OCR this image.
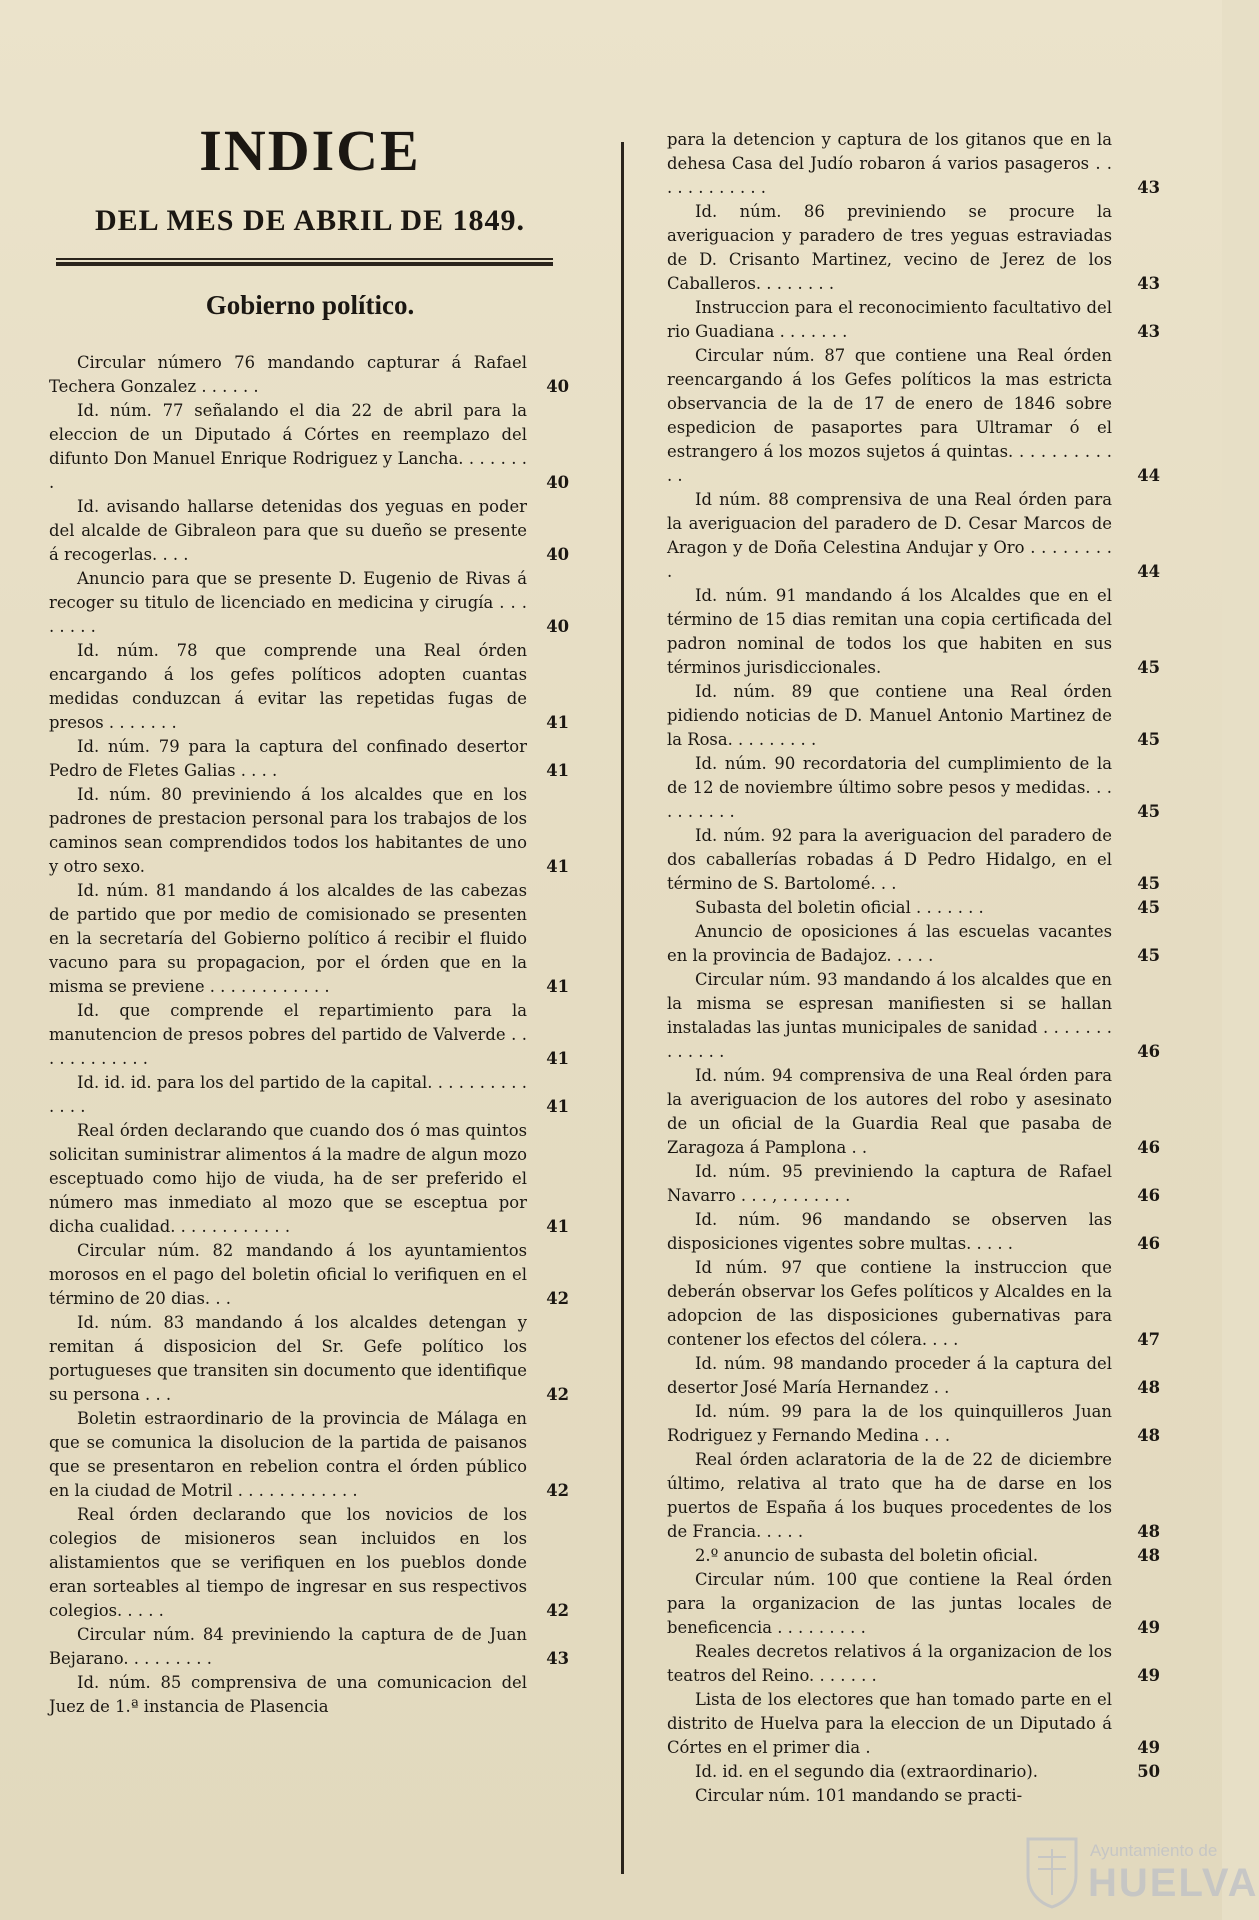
INDICE
DEL MES DE ABRIL DE 1849.
Gobierno político.
Circular número 76 mandando capturar á Rafael Techera Gonzalez . . . . . .	40
Id. núm. 77 señalando el dia 22 de abril para la eleccion de un Diputado á Córtes en reemplazo del difunto Don Manuel Enrique Rodriguez y Lancha. . . . . . . .	40
Id. avisando hallarse detenidas dos yeguas en poder del alcalde de Gibraleon para que su dueño se presente á recogerlas. . . .	40
Anuncio para que se presente D. Eugenio de Rivas á recoger su titulo de licenciado en medicina y cirugía . . . . . . . .	40
Id. núm. 78 que comprende una Real órden encargando á los gefes políticos adopten cuantas medidas conduzcan á evitar las repetidas fugas de presos . . . . . . .	41
Id. núm. 79 para la captura del confinado desertor Pedro de Fletes Galias . . . .	41
Id. núm. 80 previniendo á los alcaldes que en los padrones de prestacion personal para los trabajos de los caminos sean comprendidos todos los habitantes de uno y otro sexo.	41
Id. núm. 81 mandando á los alcaldes de las cabezas de partido que por medio de comisionado se presenten en la secretaría del Gobierno político á recibir el fluido vacuno para su propagacion, por el órden que en la misma se previene . . . . . . . . . . . .	41
Id. que comprende el repartimiento para la manutencion de presos pobres del partido de Valverde . . . . . . . . . . . .	41
Id. id. id. para los del partido de la capital. . . . . . . . . . . . . .	41
Real órden declarando que cuando dos ó mas quintos solicitan suministrar alimentos á la madre de algun mozo esceptuado como hijo de viuda, ha de ser preferido el número mas inmediato al mozo que se esceptua por dicha cualidad. . . . . . . . . . . .	41
Circular núm. 82 mandando á los ayuntamientos morosos en el pago del boletin oficial lo verifiquen en el término de 20 dias. . .	42
Id. núm. 83 mandando á los alcaldes detengan y remitan á disposicion del Sr. Gefe político los portugueses que transiten sin documento que identifique su persona . . .	42
Boletin estraordinario de la provincia de Málaga en que se comunica la disolucion de la partida de paisanos que se presentaron en rebelion contra el órden público en la ciudad de Motril . . . . . . . . . . . .	42
Real órden declarando que los novicios de los colegios de misioneros sean incluidos en los alistamientos que se verifiquen en los pueblos donde eran sorteables al tiempo de ingresar en sus respectivos colegios. . . . .	42
Circular núm. 84 previniendo la captura de de Juan Bejarano. . . . . . . . .	43
Id. núm. 85 comprensiva de una comunicacion del Juez de 1.ª instancia de Plasencia
para la detencion y captura de los gitanos que en la dehesa Casa del Judío robaron á varios pasageros . . . . . . . . . . . .	43
Id. núm. 86 previniendo se procure la averiguacion y paradero de tres yeguas estraviadas de D. Crisanto Martinez, vecino de Jerez de los Caballeros. . . . . . . .	43
Instruccion para el reconocimiento facultativo del rio Guadiana . . . . . . .	43
Circular núm. 87 que contiene una Real órden reencargando á los Gefes políticos la mas estricta observancia de la de 17 de enero de 1846 sobre espedicion de pasaportes para Ultramar ó el estrangero á los mozos sujetos á quintas. . . . . . . . . . . .	44
Id núm. 88 comprensiva de una Real órden para la averiguacion del paradero de D. Cesar Marcos de Aragon y de Doña Celestina Andujar y Oro . . . . . . . . .	44
Id. núm. 91 mandando á los Alcaldes que en el término de 15 dias remitan una copia certificada del padron nominal de todos los que habiten en sus términos jurisdiccionales.	45
Id. núm. 89 que contiene una Real órden pidiendo noticias de D. Manuel Antonio Martinez de la Rosa. . . . . . . . .	45
Id. núm. 90 recordatoria del cumplimiento de la de 12 de noviembre último sobre pesos y medidas. . . . . . . . . .	45
Id. núm. 92 para la averiguacion del paradero de dos caballerías robadas á D Pedro Hidalgo, en el término de S. Bartolomé. . .	45
Subasta del boletin oficial . . . . . . .	45
Anuncio de oposiciones á las escuelas vacantes en la provincia de Badajoz. . . . .	45
Circular núm. 93 mandando á los alcaldes que en la misma se espresan manifiesten si se hallan instaladas las juntas municipales de sanidad . . . . . . . . . . . . .	46
Id. núm. 94 comprensiva de una Real órden para la averiguacion de los autores del robo y asesinato de un oficial de la Guardia Real que pasaba de Zaragoza á Pamplona . .	46
Id. núm. 95 previniendo la captura de Rafael Navarro . . . , . . . . . . .	46
Id. núm. 96 mandando se observen las disposiciones vigentes sobre multas. . . . .	46
Id núm. 97 que contiene la instruccion que deberán observar los Gefes políticos y Alcaldes en la adopcion de las disposiciones gubernativas para contener los efectos del cólera. . . .	47
Id. núm. 98 mandando proceder á la captura del desertor José María Hernandez . .	48
Id. núm. 99 para la de los quinquilleros Juan Rodriguez y Fernando Medina . . .	48
Real órden aclaratoria de la de 22 de diciembre último, relativa al trato que ha de darse en los puertos de España á los buques procedentes de los de Francia. . . . .	48
2.º anuncio de subasta del boletin oficial.	48
Circular núm. 100 que contiene la Real órden para la organizacion de las juntas locales de beneficencia . . . . . . . . .	49
Reales decretos relativos á la organizacion de los teatros del Reino. . . . . . .	49
Lista de los electores que han tomado parte en el distrito de Huelva para la eleccion de un Diputado á Córtes en el primer dia .	49
Id. id. en el segundo dia (extraordinario).	50
Circular núm. 101 mandando se practi-
Ayuntamiento de
HUELVA
